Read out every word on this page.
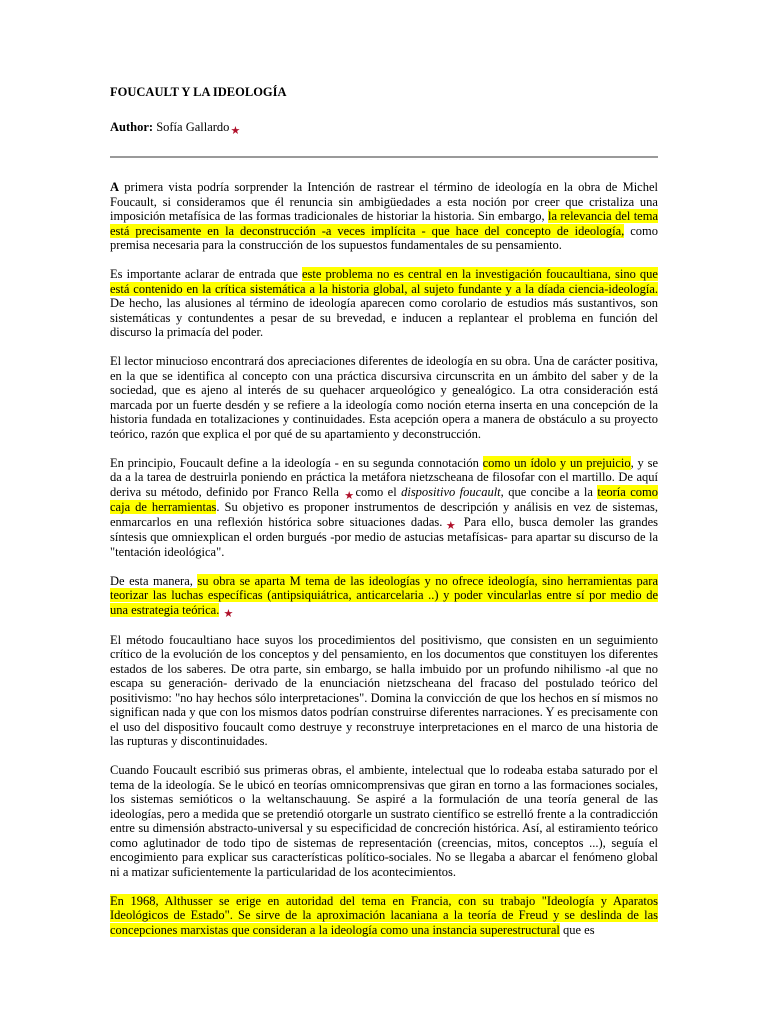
FOUCAULT Y LA IDEOLOGÍA
Author: Sofía Gallardo★

A primera vista podría sorprender la Intención de rastrear el término de ideología en la obra de Michel Foucault, si consideramos que él renuncia sin ambigüedades a esta noción por creer que cristaliza una imposición metafísica de las formas tradicionales de historiar la historia. Sin embargo, la relevancia del tema está precisamente en la deconstrucción -a veces implícita - que hace del concepto de ideología, como premisa necesaria para la construcción de los supuestos fundamentales de su pensamiento.

Es importante aclarar de entrada que este problema no es central en la investigación foucaultiana, sino que está contenido en la crítica sistemática a la historia global, al sujeto fundante y a la díada ciencia-ideología. De hecho, las alusiones al término de ideología aparecen como corolario de estudios más sustantivos, son sistemáticas y contundentes a pesar de su brevedad, e inducen a replantear el problema en función del discurso la primacía del poder.

El lector minucioso encontrará dos apreciaciones diferentes de ideología en su obra. Una de carácter positiva, en la que se identifica al concepto con una práctica discursiva circunscrita en un ámbito del saber y de la sociedad, que es ajeno al interés de su quehacer arqueológico y genealógico. La otra consideración está marcada por un fuerte desdén y se refiere a la ideología como noción eterna inserta en una concepción de la historia fundada en totalizaciones y continuidades. Esta acepción opera a manera de obstáculo a su proyecto teórico, razón que explica el por qué de su apartamiento y deconstrucción.

En principio, Foucault define a la ideología - en su segunda connotación como un ídolo y un prejuicio, y se da a la tarea de destruirla poniendo en práctica la metáfora nietzscheana de filosofar con el martillo. De aquí deriva su método, definido por Franco Rella ★como el dispositivo foucault, que concibe a la teoría como caja de herramientas. Su objetivo es proponer instrumentos de descripción y análisis en vez de sistemas, enmarcarlos en una reflexión histórica sobre situaciones dadas.★ Para ello, busca demoler las grandes síntesis que omniexplican el orden burgués -por medio de astucias metafísicas- para apartar su discurso de la "tentación ideológica".

De esta manera, su obra se aparta M tema de las ideologías y no ofrece ideología, sino herramientas para teorizar las luchas específicas (antipsiquiátrica, anticarcelaria ..) y poder vincularlas entre sí por medio de una estrategia teórica. ★

El método foucaultiano hace suyos los procedimientos del positivismo, que consisten en un seguimiento crítico de la evolución de los conceptos y del pensamiento, en los documentos que constituyen los diferentes estados de los saberes. De otra parte, sin embargo, se halla imbuido por un profundo nihilismo -al que no escapa su generación- derivado de la enunciación nietzscheana del fracaso del postulado teórico del positivismo: "no hay hechos sólo interpretaciones". Domina la convicción de que los hechos en sí mismos no significan nada y que con los mismos datos podrían construirse diferentes narraciones. Y es precisamente con el uso del dispositivo foucault como destruye y reconstruye interpretaciones en el marco de una historia de las rupturas y discontinuidades.

Cuando Foucault escribió sus primeras obras, el ambiente, intelectual que lo rodeaba estaba saturado por el tema de la ideología. Se le ubicó en teorías omnicomprensivas que giran en torno a las formaciones sociales, los sistemas semióticos o la weltanschauung. Se aspiré a la formulación de una teoría general de las ideologías, pero a medida que se pretendió otorgarle un sustrato científico se estrelló frente a la contradicción entre su dimensión abstracto-universal y su especificidad de concreción histórica. Así, al estiramiento teórico como aglutinador de todo tipo de sistemas de representación (creencias, mitos, conceptos ...), seguía el encogimiento para explicar sus características político-sociales. No se llegaba a abarcar el fenómeno global ni a matizar suficientemente la particularidad de los acontecimientos.

En 1968, Althusser se erige en autoridad del tema en Francia, con su trabajo "Ideología y Aparatos Ideológicos de Estado". Se sirve de la aproximación lacaniana a la teoría de Freud y se deslinda de las concepciones marxistas que consideran a la ideología como una instancia superestructural que es
